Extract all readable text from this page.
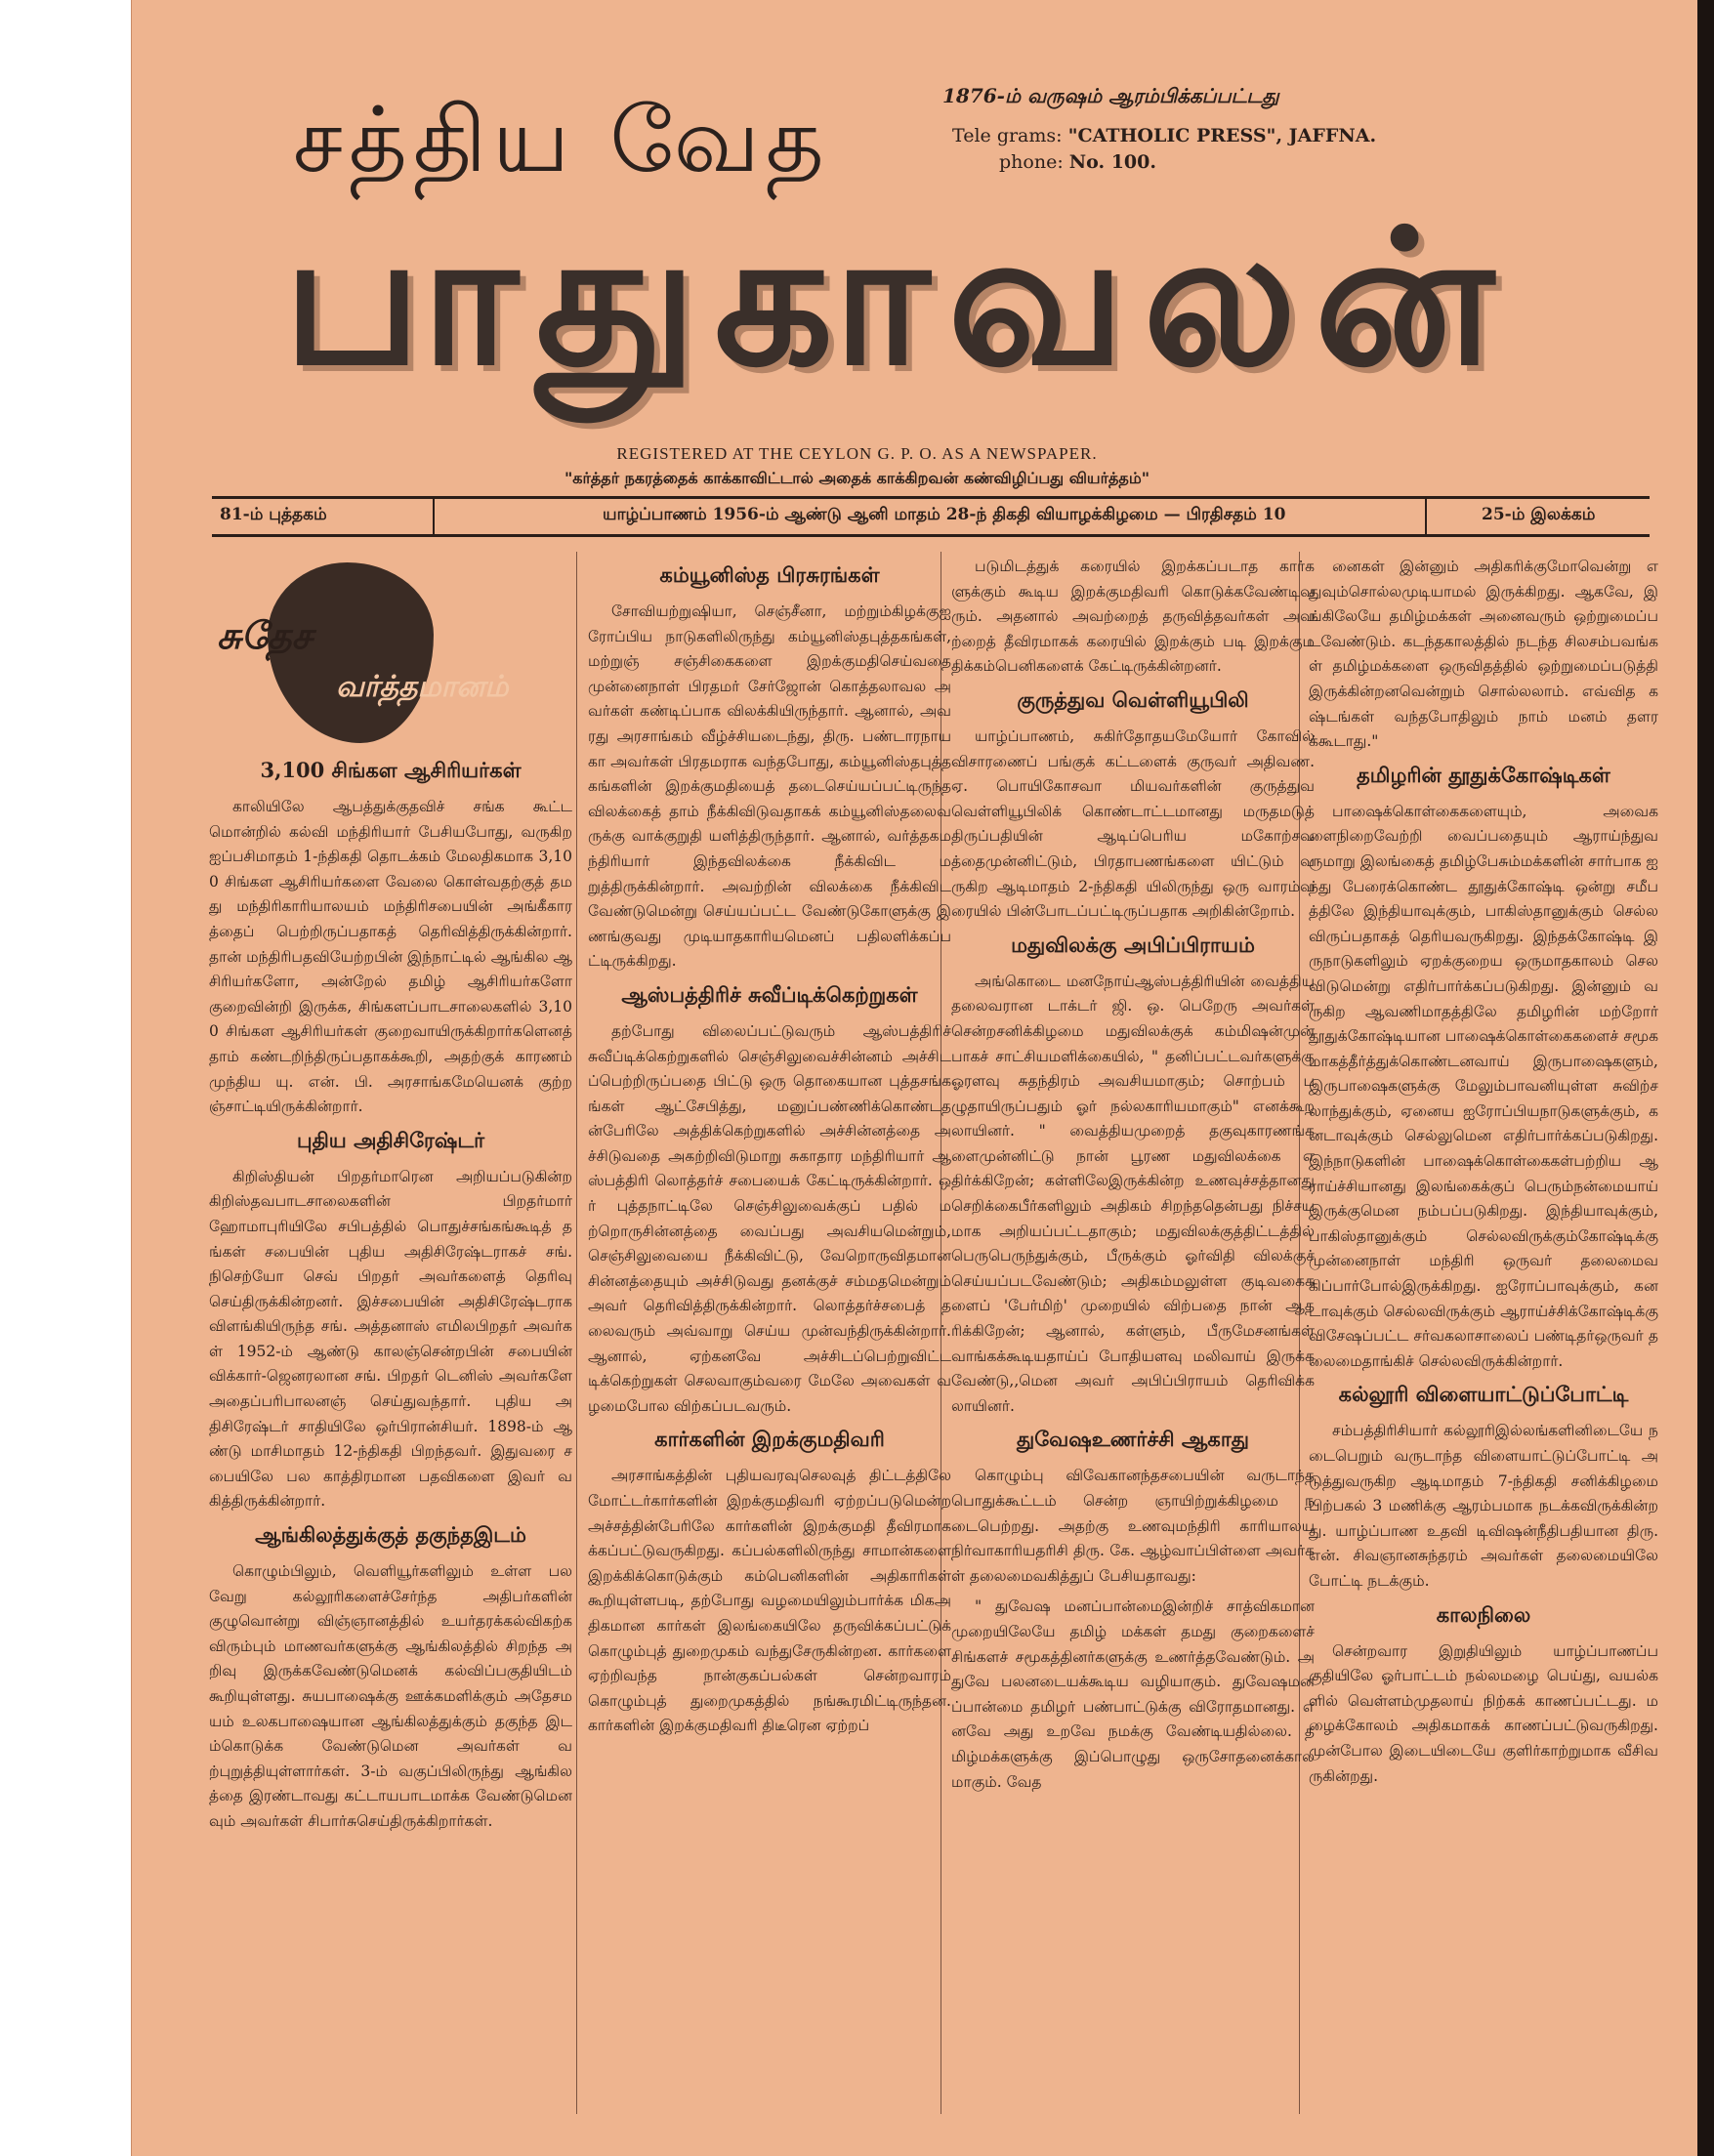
சத்திய வேத
பாதுகாவலன்
1876-ம் வருஷம் ஆரம்பிக்கப்பட்டது
Tele grams: "CATHOLIC PRESS", JAFFNA.
phone: No. 100.
REGISTERED AT THE CEYLON G. P. O. AS A NEWSPAPER.
"கர்த்தர் நகரத்தைக் காக்காவிட்டால் அதைக் காக்கிறவன் கண்விழிப்பது வியர்த்தம்"
81-ம் புத்தகம்	யாழ்ப்பாணம் 1956-ம் ஆண்டு ஆனி மாதம் 28-ந் திகதி வியாழக்கிழமை — பிரதிசதம் 10	25-ம் இலக்கம்
சுதேச
வர்த்தமானம்
3,100 சிங்கள ஆசிரியர்கள்

காலியிலே ஆபத்துக்குதவிச் சங்க கூட்டமொன்றில் கல்வி மந்திரியார் பேசியபோது, வருகிற ஐப்பசிமாதம் 1-ந்திகதி தொடக்கம் மேலதிகமாக 3,100 சிங்கள ஆசிரியர்களை வேலை கொள்வதற்குத் தமது மந்திரிகாரியாலயம் மந்திரிசபையின் அங்கீகாரத்தைப் பெற்றிருப்பதாகத் தெரிவித்திருக்கின்றார். தான் மந்திரிபதவியேற்றபின் இந்நாட்டில் ஆங்கில ஆசிரியர்களோ, அன்றேல் தமிழ் ஆசிரியர்களோ குறைவின்றி இருக்க, சிங்களப்பாடசாலைகளில் 3,100 சிங்கள ஆசிரியர்கள் குறைவாயிருக்கிறார்களெனத் தாம் கண்டறிந்திருப்பதாகக்கூறி, அதற்குக் காரணம் முந்திய யு. என். பி. அரசாங்கமேயெனக் குற்றஞ்சாட்டியிருக்கின்றார்.

புதிய அதிசிரேஷ்டர்

கிறிஸ்தியன் பிறதர்மாரென அறியப்படுகின்ற கிறிஸ்தவபாடசாலைகளின் பிறதர்மார் ஹோமாபுரியிலே சபிபத்தில் பொதுச்சங்கங்கூடித் தங்கள் சபையின் புதிய அதிசிரேஷ்டராகச் சங். நிசெற்யோ செவ் பிறதர் அவர்களைத் தெரிவு செய்திருக்கின்றனர். இச்சபையின் அதிசிரேஷ்டராக விளங்கியிருந்த சங். அத்தனாஸ் எமிலபிறதர் அவர்கள் 1952-ம் ஆண்டு காலஞ்சென்றபின் சபையின் விக்கார்-ஜெனரலான சங். பிறதர் டெனிஸ் அவர்களே அதைப்பரிபாலனஞ் செய்துவந்தார். புதிய அதிசிரேஷ்டர் சாதியிலே ஒர்பிரான்சியர். 1898-ம் ஆண்டு மாசிமாதம் 12-ந்திகதி பிறந்தவர். இதுவரை சபையிலே பல காத்திரமான பதவிகளை இவர் வகித்திருக்கின்றார்.

ஆங்கிலத்துக்குத் தகுந்தஇடம்

கொழும்பிலும், வெளியூர்களிலும் உள்ள பலவேறு கல்லூரிகளைச்சேர்ந்த அதிபர்களின் குழுவொன்று விஞ்ஞானத்தில் உயர்தரக்கல்விகற்க விரும்பும் மாணவர்களுக்கு ஆங்கிலத்தில் சிறந்த அறிவு இருக்கவேண்டுமெனக் கல்விப்பகுதியிடம் கூறியுள்ளது. சுயபாஷைக்கு ஊக்கமளிக்கும் அதேசமயம் உலகபாஷையான ஆங்கிலத்துக்கும் தகுந்த இடம்கொடுக்க வேண்டுமென அவர்கள் வற்புறுத்தியுள்ளார்கள். 3-ம் வகுப்பிலிருந்து ஆங்கிலத்தை இரண்டாவது கட்டாயபாடமாக்க வேண்டுமெனவும் அவர்கள் சிபார்சுசெய்திருக்கிறார்கள்.

கம்யூனிஸ்த பிரசுரங்கள்

சோவியற்றுஷியா, செஞ்சீனா, மற்றும்கிழக்குஐரோப்பிய நாடுகளிலிருந்து கம்யூனிஸ்தபுத்தகங்கள், மற்றுஞ் சஞ்சிகைகளை இறக்குமதிசெய்வதை முன்னைநாள் பிரதமர் சேர்ஜோன் கொத்தலாவல அவர்கள் கண்டிப்பாக விலக்கியிருந்தார். ஆனால், அவரது அரசாங்கம் வீழ்ச்சியடைந்து, திரு. பண்டாரநாயகா அவர்கள் பிரதமராக வந்தபோது, கம்யூனிஸ்தபுத்தகங்களின் இறக்குமதியைத் தடைசெய்யப்பட்டிருந்தவிலக்கைத் தாம் நீக்கிவிடுவதாகக் கம்யூனிஸ்தலைவருக்கு வாக்குறுதி யளித்திருந்தார். ஆனால், வர்த்தகமந்திரியார் இந்தவிலக்கை நீக்கிவிட மறுத்திருக்கின்றார். அவற்றின் விலக்கை நீக்கிவிடவேண்டுமென்று செய்யப்பட்ட வேண்டுகோளுக்கு இணங்குவது முடியாதகாரியமெனப் பதிலளிக்கப்பட்டிருக்கிறது.

ஆஸ்பத்திரிச் சுவீப்டிக்கெற்றுகள்

தற்போது விலைப்பட்டுவரும் ஆஸ்பத்திரிச் சுவீப்டிக்கெற்றுகளில் செஞ்சிலுவைச்சின்னம் அச்சிடப்பெற்றிருப்பதை பிட்டு ஒரு தொகையான புத்தசங்கங்கள் ஆட்சேபித்து, மனுப்பண்ணிக்கொண்டதன்பேரிலே அத்திக்கெற்றுகளில் அச்சின்னத்தை அச்சிடுவதை அகற்றிவிடுமாறு சுகாதார மந்திரியார் ஆஸ்பத்திரி லொத்தர்ச் சபையைக் கேட்டிருக்கின்றார். ஒர் புத்தநாட்டிலே செஞ்சிலுவைக்குப் பதில் மற்றொருசின்னத்தை வைப்பது அவசியமென்றும், செஞ்சிலுவையை நீக்கிவிட்டு, வேறொருவிதமான சின்னத்தையும் அச்சிடுவது தனக்குச் சம்மதமென்றும் அவர் தெரிவித்திருக்கின்றார். லொத்தர்ச்சபைத் தலைவரும் அவ்வாறு செய்ய முன்வந்திருக்கின்றார். ஆனால், ஏற்கனவே அச்சிடப்பெற்றுவிட்ட டிக்கெற்றுகள் செலவாகும்வரை மேலே அவைகள் வழமைபோல விற்கப்படவரும்.

கார்களின் இறக்குமதிவரி

அரசாங்கத்தின் புதியவரவுசெலவுத் திட்டத்திலே மோட்டர்கார்களின் இறக்குமதிவரி ஏற்றப்படுமென்ற அச்சத்தின்பேரிலே கார்களின் இறக்குமதி தீவிரமாகக்கப்பட்டுவருகிறது. கப்பல்களிலிருந்து சாமான்களை இறக்கிக்கொடுக்கும் கம்பெனிகளின் அதிகாரிகள் கூறியுள்ளபடி, தற்போது வழமையிலும்பார்க்க மிகஅதிகமான கார்கள் இலங்கையிலே தருவிக்கப்பட்டுக் கொழும்புத் துறைமுகம் வந்துசேருகின்றன. கார்களை ஏற்றிவந்த நான்குகப்பல்கள் சென்றவாரம் கொழும்புத் துறைமுகத்தில் நங்கூரமிட்டிருந்தன. கார்களின் இறக்குமதிவரி திடீரென ஏற்றப்

படுமிடத்துக் கரையில் இறக்கப்படாத கார்களுக்கும் கூடிய இறக்குமதிவரி கொடுக்கவேண்டிவரும். அதனால் அவற்றைத் தருவித்தவர்கள் அவற்றைத் தீவிரமாகக் கரையில் இறக்கும் படி இறக்குமதிக்கம்பெனிகளைக் கேட்டிருக்கின்றனர்.

குருத்துவ வெள்ளியூபிலி

யாழ்ப்பாணம், சுகிர்தோதயமேயோர் கோவில் விசாரணைப் பங்குக் கட்டளைக் குருவர் அதிவண. ஏ. பொயிகோசவா மியவர்களின் குருத்துவ வெள்ளியூபிலிக் கொண்டாட்டமானது மருதமடுத் திருப்பதியின் ஆடிப்பெரிய மகோற்சவத்தைமுன்னிட்டும், பிரதாபணங்களை யிட்டும் வருகிற ஆடிமாதம் 2-ந்திகதி யிலிருந்து ஒரு வாரம்வரையில் பின்போடப்பட்டிருப்பதாக அறிகின்றோம்.

மதுவிலக்கு அபிப்பிராயம்

அங்கொடை மனநோய்ஆஸ்பத்திரியின் வைத்தியதலைவரான டாக்டர் ஜி. ஒ. பெறேரு அவர்கள் சென்றசனிக்கிழமை மதுவிலக்குக் கம்மிஷன்முன் பாகச் சாட்சியமளிக்கையில், " தனிப்பட்டவர்களுக்கு ஓரளவு சுதந்திரம் அவசியமாகும்; சொற்பம் பழுதாயிருப்பதும் ஓர் நல்லகாரியமாகும்" எனக்கூறலாயினர். " வைத்தியமுறைத் தகுவுகாரணங்களைமுன்னிட்டு நான் பூரண மதுவிலக்கை எதிர்க்கிறேன்; கள்ளிலேஇருக்கின்ற உணவுச்சத்தானது செறிக்கைபீர்களிலும் அதிகம் சிறந்ததென்பது நிச்சயமாக அறியப்பட்டதாகும்; மதுவிலக்குத்திட்டத்தில் பெருபெருந்துக்கும், பீருக்கும் ஓர்விதி விலக்குச் செய்யப்படவேண்டும்; அதிகம்மலுள்ள குடிவகைகளைப் 'பேர்மிற்' முறையில் விற்பதை நான் ஆதரிக்கிறேன்; ஆனால், கள்ளும், பீருமேசனங்கள் வாங்கக்கூடியதாய்ப் போதியளவு மலிவாய் இருக்கவேண்டு,,மென அவர் அபிப்பிராயம் தெரிவிக்கலாயினர்.

துவேஷஉணர்ச்சி ஆகாது

கொழும்பு விவேகானந்தசபையின் வருடாந்த பொதுக்கூட்டம் சென்ற ஞாயிற்றுக்கிழமை நடைபெற்றது. அதற்கு உணவுமந்திரி காரியாலய நிர்வாகாரியதரிசி திரு. கே. ஆழ்வாப்பிள்ளை அவர்கள் தலைமைவகித்துப் பேசியதாவது:

" துவேஷ மனப்பான்மைஇன்றிச் சாத்விகமான முறையிலேயே தமிழ் மக்கள் தமது குறைகளைச் சிங்களச் சமூகத்தினர்களுக்கு உணர்த்தவேண்டும். அதுவே பலனடையக்கூடிய வழியாகும். துவேஷமனப்பான்மை தமிழர் பண்பாட்டுக்கு விரோதமானது. எனவே அது உறவே நமக்கு வேண்டியதில்லை. தமிழ்மக்களுக்கு இப்பொழுது ஒருசோதனைக்காலமாகும். வேத

னைகள் இன்னும் அதிகரிக்குமோவென்று எதுவும்சொல்லமுடியாமல் இருக்கிறது. ஆகவே, இங்கிலேயே தமிழ்மக்கள் அனைவரும் ஒற்றுமைப்படவேண்டும். கடந்தகாலத்தில் நடந்த சிலசம்பவங்கள் தமிழ்மக்களை ஒருவிதத்தில் ஒற்றுமைப்படுத்தி இருக்கின்றனவென்றும் சொல்லலாம். எவ்வித கஷ்டங்கள் வந்தபோதிலும் நாம் மனம் தளரக்கூடாது."

தமிழரின் தூதுக்கோஷ்டிகள்

பாஷைக்கொள்கைகளையும், அவைகளைநிறைவேற்றி வைப்பதையும் ஆராய்ந்துவருமாறு இலங்கைத் தமிழ்பேசும்மக்களின் சார்பாக ஐந்து பேரைக்கொண்ட தூதுக்கோஷ்டி ஒன்று சமீபத்திலே இந்தியாவுக்கும், பாகிஸ்தானுக்கும் செல்லவிருப்பதாகத் தெரியவருகிறது. இந்தக்கோஷ்டி இருநாடுகளிலும் ஏறக்குறைய ஒருமாதகாலம் செலவிடுமென்று எதிர்பார்க்கப்படுகிறது. இன்னும் வருகிற ஆவணிமாதத்திலே தமிழரின் மற்றோர் தூதுக்கோஷ்டியான பாஷைக்கொள்கைகளைச் சமூகமாகத்தீர்த்துக்கொண்டனவாய் இருபாஷைகளும், இருபாஷைகளுக்கு மேலும்பாவனியுள்ள சுவிற்சலாந்துக்கும், ஏனைய ஐரோப்பியநாடுகளுக்கும், கனடாவுக்கும் செல்லுமென எதிர்பார்க்கப்படுகிறது. இந்நாடுகளின் பாஷைக்கொள்கைகள்பற்றிய ஆராய்ச்சியானது இலங்கைக்குப் பெரும்நன்மையாய் இருக்குமென நம்பப்படுகிறது. இந்தியாவுக்கும், பாகிஸ்தானுக்கும் செல்லவிருக்கும்கோஷ்டிக்கு முன்னைநாள் மந்திரி ஒருவர் தலைமைவகிப்பார்போல்இருக்கிறது. ஐரோப்பாவுக்கும், கனடாவுக்கும் செல்லவிருக்கும் ஆராய்ச்சிக்கோஷ்டிக்கு விசேஷப்பட்ட சர்வகலாசாலைப் பண்டிதர்ஒருவர் தலைமைதாங்கிச் செல்லவிருக்கின்றார்.

கல்லூரி விளையாட்டுப்போட்டி

சம்பத்திரிசியார் கல்லூரிஇல்லங்களினிடையே நடைபெறும் வருடாந்த விளையாட்டுப்போட்டி அடுத்துவருகிற ஆடிமாதம் 7-ந்திகதி சனிக்கிழமை பிற்பகல் 3 மணிக்கு ஆரம்பமாக நடக்கவிருக்கின்றது. யாழ்ப்பாண உதவி டிவிஷன்நீதிபதியான திரு. என். சிவஞானசுந்தரம் அவர்கள் தலைமையிலே போட்டி நடக்கும்.

காலநிலை

சென்றவார இறுதியிலும் யாழ்ப்பாணப்பகுதியிலே ஓர்பாட்டம் நல்லமழை பெய்து, வயல்களில் வெள்ளம்முதலாய் நிற்கக் காணப்பட்டது. மழைக்கோலம் அதிகமாகக் காணப்பட்டுவருகிறது. முன்போல இடையிடையே குளிர்காற்றுமாக வீசிவருகின்றது.
